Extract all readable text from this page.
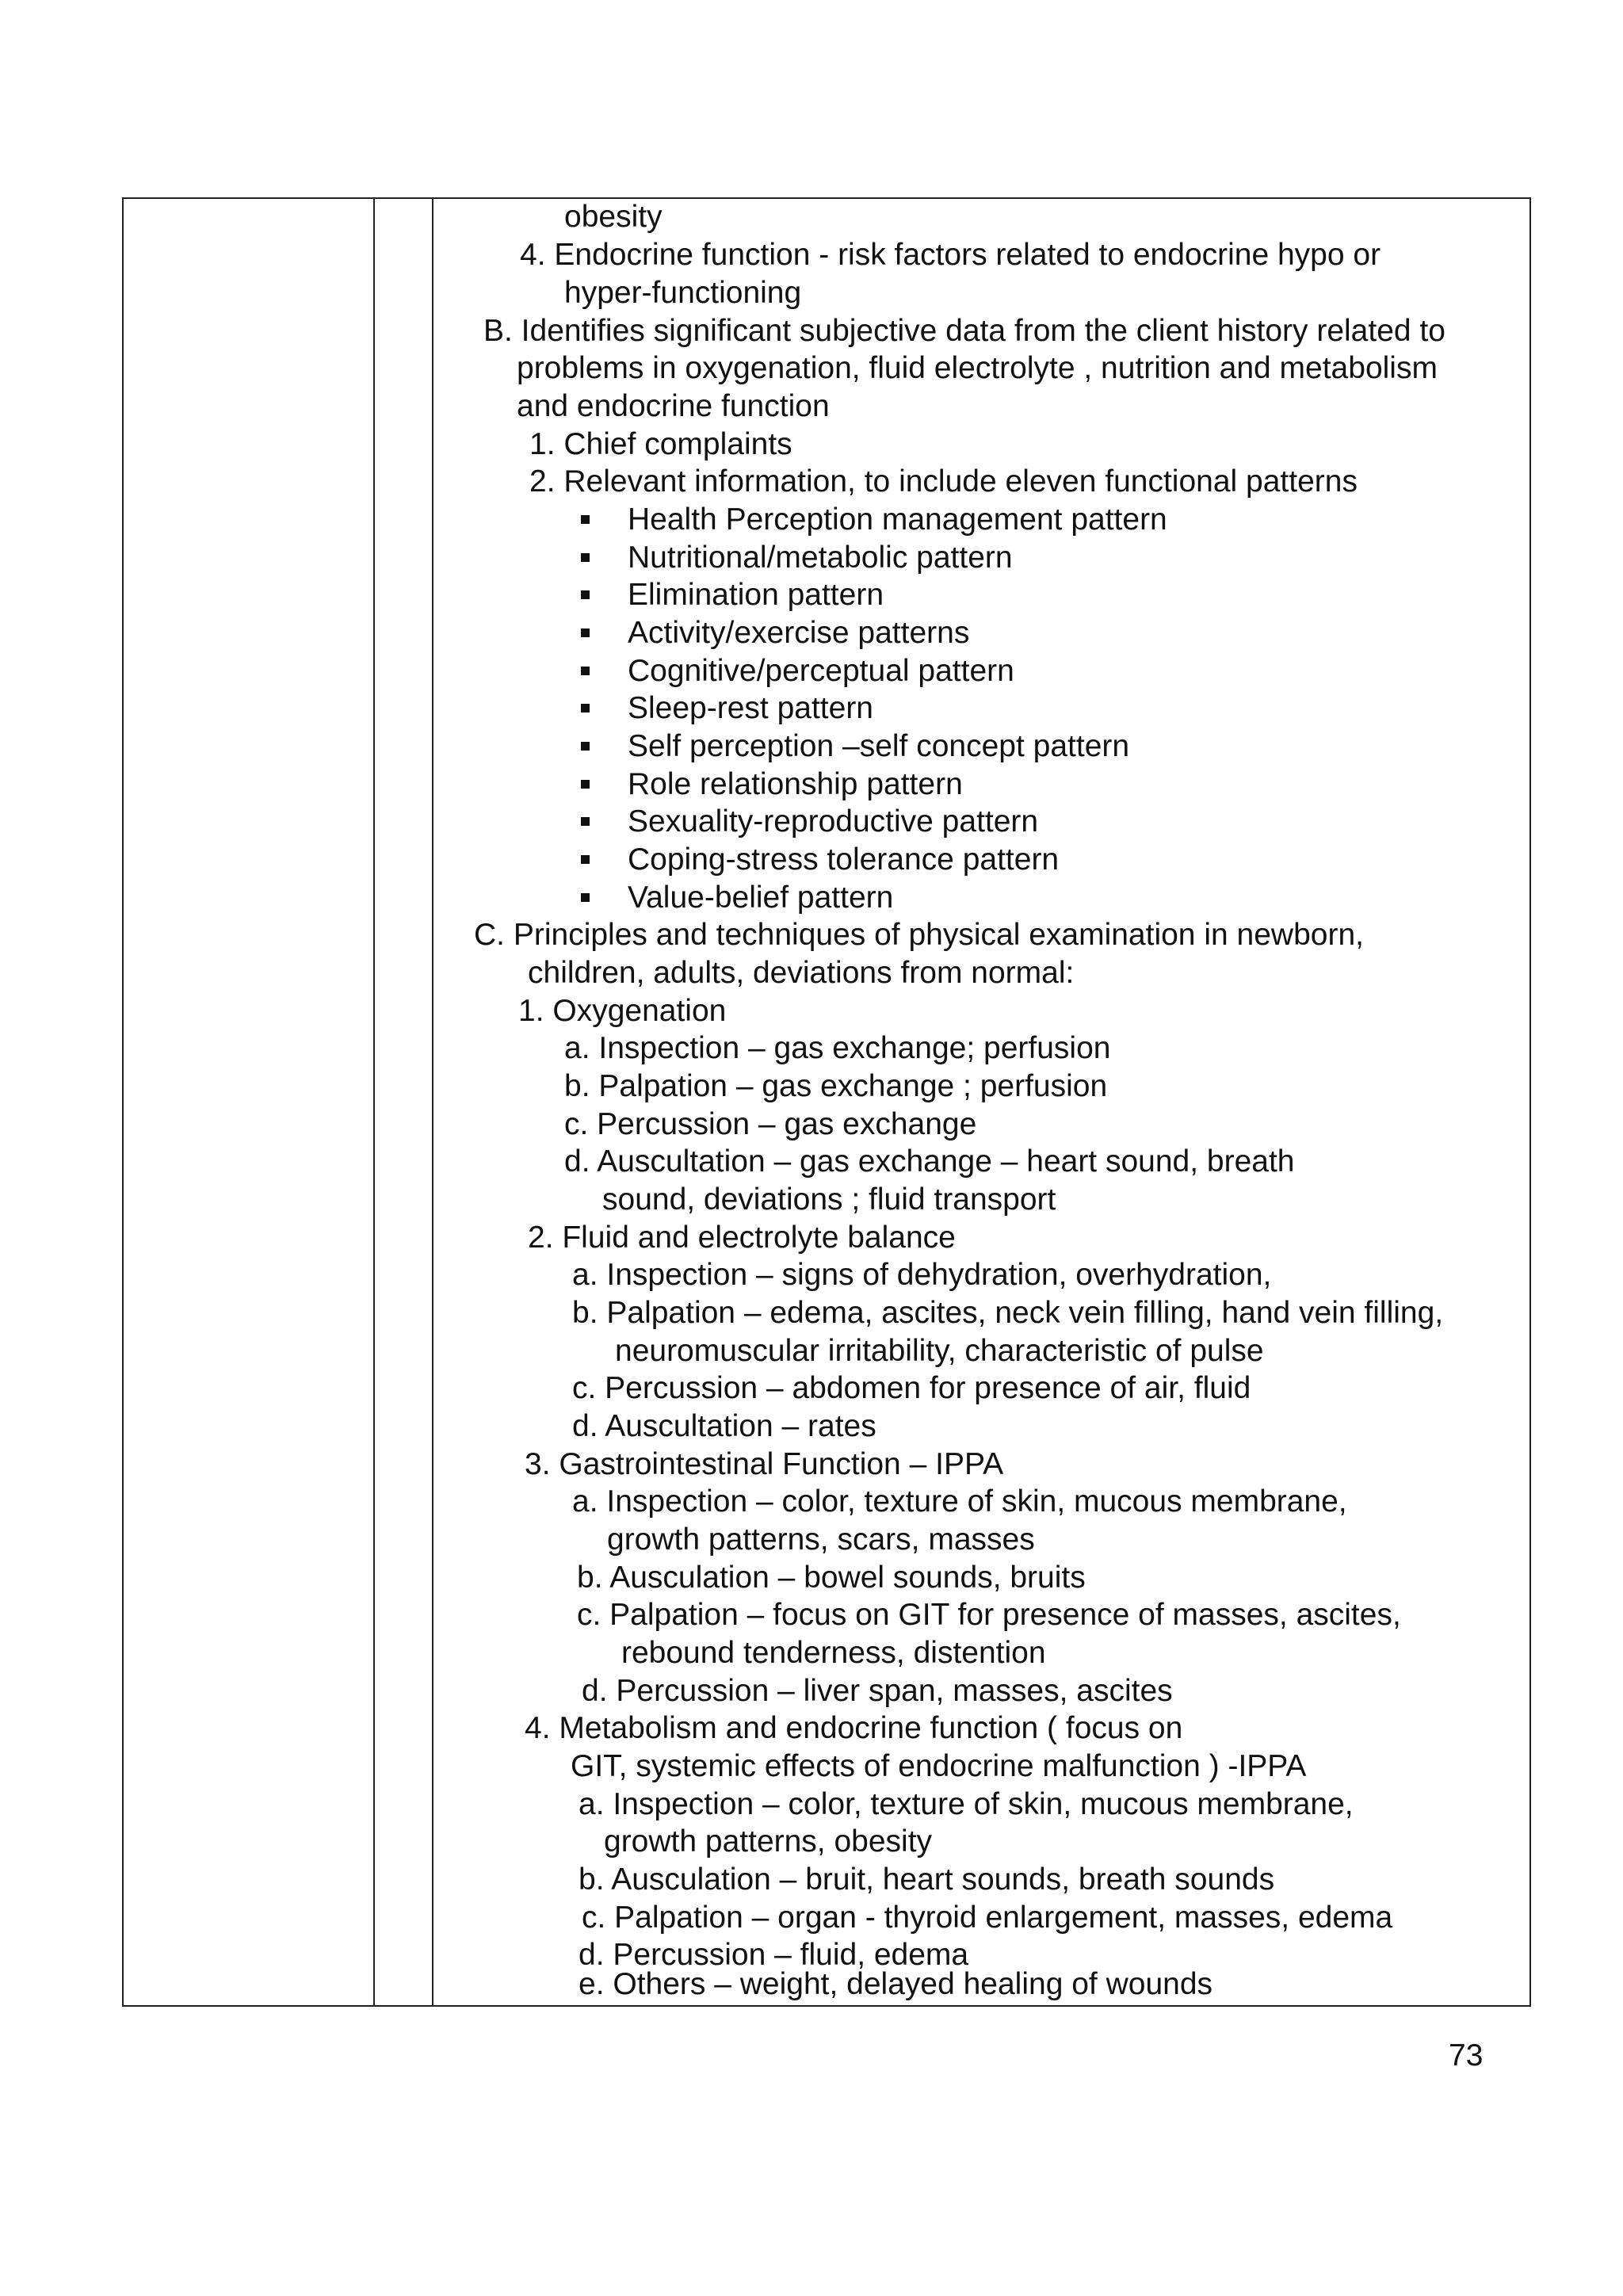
obesity
4. Endocrine function - risk factors related to endocrine hypo or
hyper-functioning
B. Identifies significant subjective data from the client history related to
problems in oxygenation, fluid electrolyte , nutrition and metabolism
and endocrine function
1. Chief complaints
2. Relevant information, to include eleven functional patterns
Health Perception management pattern
Nutritional/metabolic pattern
Elimination pattern
Activity/exercise patterns
Cognitive/perceptual pattern
Sleep-rest pattern
Self perception –self concept pattern
Role relationship pattern
Sexuality-reproductive pattern
Coping-stress tolerance pattern
Value-belief pattern
C. Principles and techniques of physical examination in newborn,
children, adults, deviations from normal:
1. Oxygenation
a. Inspection – gas exchange; perfusion
b. Palpation – gas exchange ; perfusion
c. Percussion – gas exchange
d. Auscultation – gas exchange – heart sound, breath
sound, deviations ; fluid transport
2. Fluid and electrolyte balance
a. Inspection – signs of dehydration, overhydration,
b. Palpation – edema, ascites, neck vein filling, hand vein filling,
neuromuscular irritability, characteristic of pulse
c. Percussion – abdomen for presence of air, fluid
d. Auscultation – rates
3. Gastrointestinal Function – IPPA
a. Inspection – color, texture of skin, mucous membrane,
growth patterns, scars, masses
b. Ausculation – bowel sounds, bruits
c. Palpation – focus on GIT for presence of masses, ascites,
rebound tenderness, distention
d. Percussion – liver span, masses, ascites
4. Metabolism and endocrine function ( focus on
GIT, systemic effects of endocrine malfunction ) -IPPA
a. Inspection – color, texture of skin, mucous membrane,
growth patterns, obesity
b. Ausculation – bruit, heart sounds, breath sounds
c. Palpation – organ - thyroid enlargement, masses, edema
d. Percussion – fluid, edema
e. Others – weight, delayed healing of wounds
73
